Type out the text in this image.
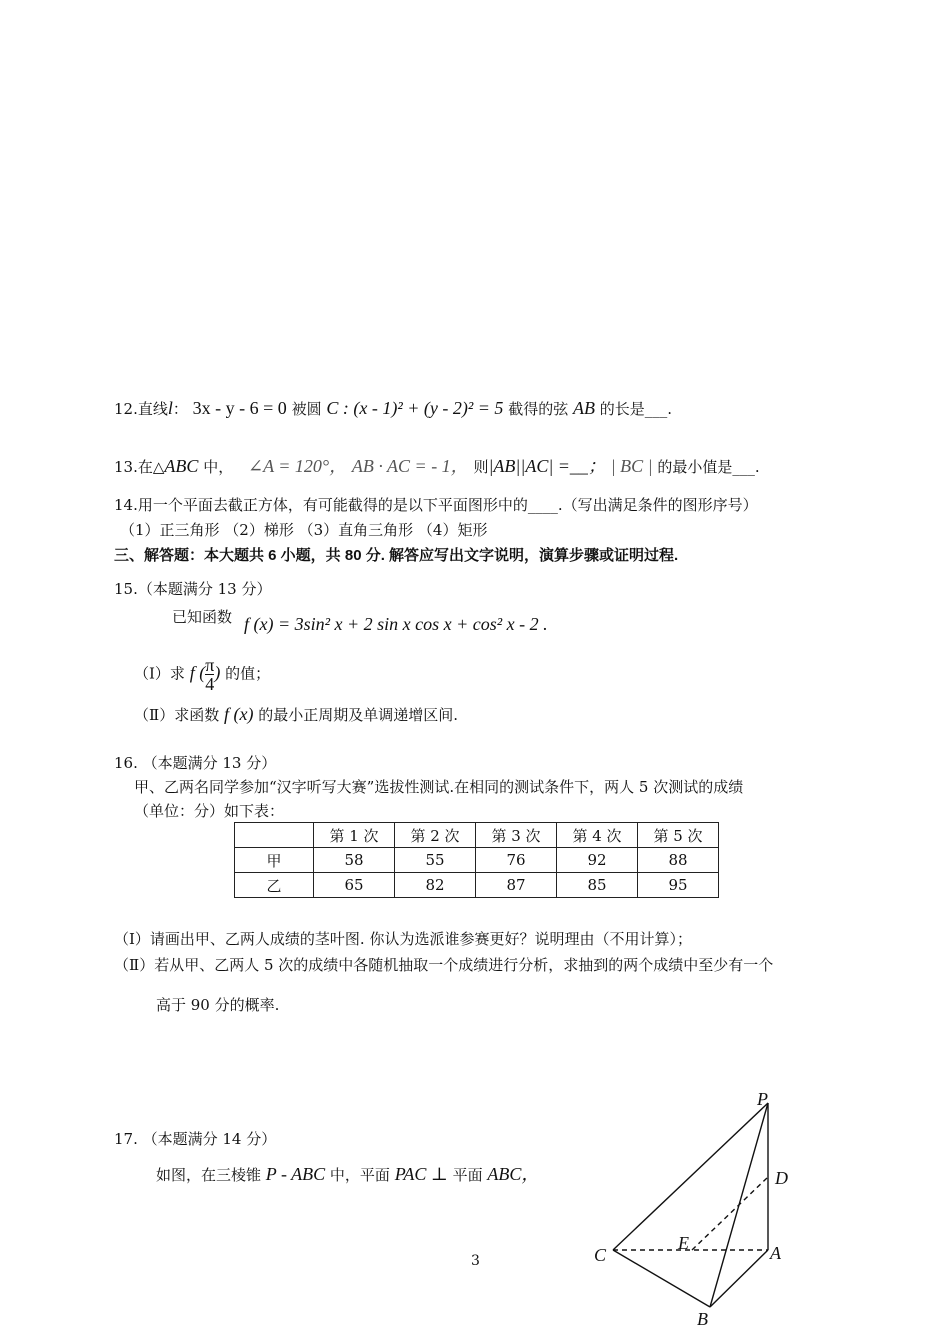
12.直线l： 3x - y - 6 = 0 被圆 C : (x - 1)² + (y - 2)² = 5 截得的弦 AB 的长是___.
13.在△ABC 中， ∠A = 120°， AB · AC = - 1， 则|AB||AC| =__； | BC | 的最小值是___.
14.用一个平面去截正方体，有可能截得的是以下平面图形中的____.（写出满足条件的图形序号）
（1）正三角形 （2）梯形 （3）直角三角形 （4）矩形
三、解答题：本大题共 6 小题，共 80 分. 解答应写出文字说明，演算步骤或证明过程.
15.（本题满分 13 分）
已知函数 f (x) = 3sin² x + 2 sin x cos x + cos² x - 2 .
（Ⅰ）求 f ( $\frac{\pi}{4}$ ) 的值；
（Ⅱ）求函数 f (x) 的最小正周期及单调递增区间.
16. （本题满分 13 分）
甲、乙两名同学参加“汉字听写大赛”选拔性测试.在相同的测试条件下，两人 5 次测试的成绩
（单位：分）如下表：
	第 1 次	第 2 次	第 3 次	第 4 次	第 5 次
甲	58	55	76	92	88
乙	65	82	87	85	95
（Ⅰ）请画出甲、乙两人成绩的茎叶图. 你认为选派谁参赛更好？说明理由（不用计算）；
（Ⅱ）若从甲、乙两人 5 次的成绩中各随机抽取一个成绩进行分析，求抽到的两个成绩中至少有一个
高于 90 分的概率.
17. （本题满分 14 分）
如图，在三棱锥 P - ABC 中，平面 PAC ⊥ 平面 ABC，
P
D
E	A
C
B
3
